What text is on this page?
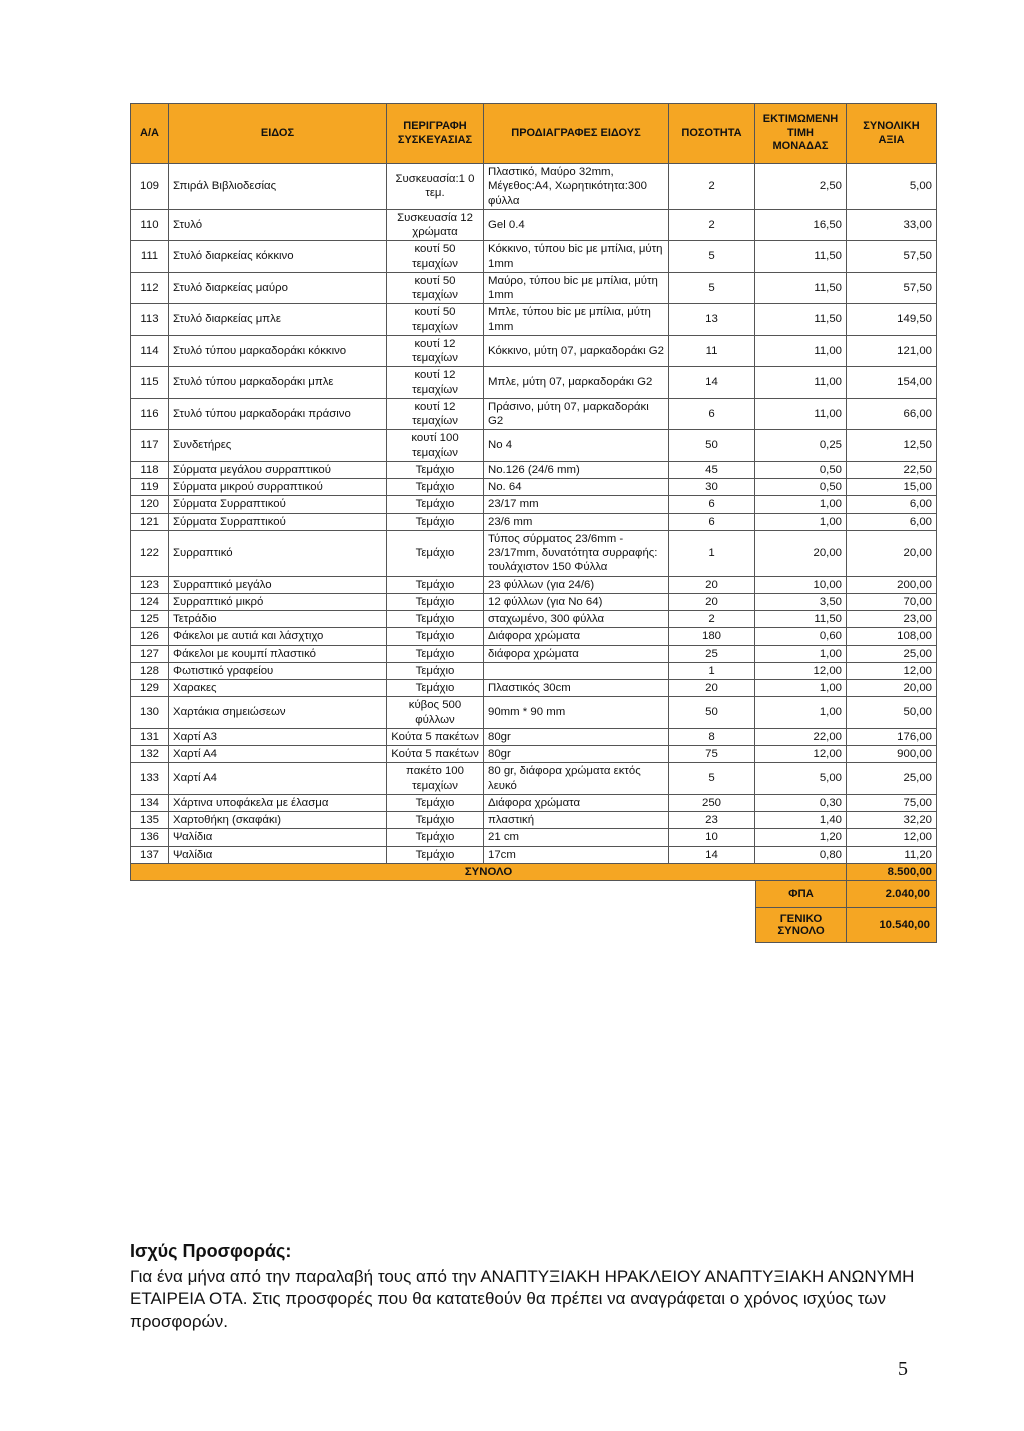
Α/Α	ΕΙΔΟΣ	ΠΕΡΙΓΡΑΦΗ ΣΥΣΚΕΥΑΣΙΑΣ	ΠΡΟΔΙΑΓΡΑΦΕΣ ΕΙΔΟΥΣ	ΠΟΣΟΤΗΤΑ	ΕΚΤΙΜΩΜΕΝΗ ΤΙΜΗ ΜΟΝΑΔΑΣ	ΣΥΝΟΛΙΚΗ ΑΞΙΑ
109	Σπιράλ Βιβλιοδεσίας	Συσκευασία:1 0 τεμ.	Πλαστικό, Μαύρο 32mm, Μέγεθος:Α4, Χωρητικότητα:300 φύλλα	2	2,50	5,00
110	Στυλό	Συσκευασία 12 χρώματα	Gel 0.4	2	16,50	33,00
111	Στυλό διαρκείας κόκκινο	κουτί 50 τεμαχίων	Κόκκινο, τύπου bic με μπίλια, μύτη 1mm	5	11,50	57,50
112	Στυλό διαρκείας μαύρο	κουτί 50 τεμαχίων	Μαύρο, τύπου bic με μπίλια, μύτη 1mm	5	11,50	57,50
113	Στυλό διαρκείας μπλε	κουτί 50 τεμαχίων	Μπλε, τύπου bic με μπίλια, μύτη 1mm	13	11,50	149,50
114	Στυλό τύπου μαρκαδοράκι κόκκινο	κουτί 12 τεμαχίων	Κόκκινο, μύτη 07, μαρκαδοράκι G2	11	11,00	121,00
115	Στυλό τύπου μαρκαδοράκι μπλε	κουτί 12 τεμαχίων	Μπλε, μύτη 07, μαρκαδοράκι G2	14	11,00	154,00
116	Στυλό τύπου μαρκαδοράκι πράσινο	κουτί 12 τεμαχίων	Πράσινο, μύτη 07, μαρκαδοράκι G2	6	11,00	66,00
117	Συνδετήρες	κουτί 100 τεμαχίων	Νο 4	50	0,25	12,50
118	Σύρματα μεγάλου συρραπτικού	Τεμάχιο	Νο.126 (24/6 mm)	45	0,50	22,50
119	Σύρματα μικρού συρραπτικού	Τεμάχιο	Νο. 64	30	0,50	15,00
120	Σύρματα Συρραπτικού	Τεμάχιο	23/17 mm	6	1,00	6,00
121	Σύρματα Συρραπτικού	Τεμάχιο	23/6 mm	6	1,00	6,00
122	Συρραπτικό	Τεμάχιο	Τύπος σύρματος 23/6mm - 23/17mm, δυνατότητα συρραφής: τουλάχιστον 150 Φύλλα	1	20,00	20,00
123	Συρραπτικό μεγάλο	Τεμάχιο	23 φύλλων (για 24/6)	20	10,00	200,00
124	Συρραπτικό μικρό	Τεμάχιο	12 φύλλων (για Νο 64)	20	3,50	70,00
125	Τετράδιο	Τεμάχιο	σταχωμένο, 300 φύλλα	2	11,50	23,00
126	Φάκελοι με αυτιά και λάσχτιχο	Τεμάχιο	Διάφορα χρώματα	180	0,60	108,00
127	Φάκελοι με κουμπί πλαστικό	Τεμάχιο	διάφορα χρώματα	25	1,00	25,00
128	Φωτιστικό γραφείου	Τεμάχιο		1	12,00	12,00
129	Χαρακες	Τεμάχιο	Πλαστικός 30cm	20	1,00	20,00
130	Χαρτάκια σημειώσεων	κύβος 500 φύλλων	90mm * 90 mm	50	1,00	50,00
131	Χαρτί Α3	Κούτα 5 πακέτων	80gr	8	22,00	176,00
132	Χαρτί Α4	Κούτα 5 πακέτων	80gr	75	12,00	900,00
133	Χαρτί Α4	πακέτο 100 τεμαχίων	80 gr, διάφορα χρώματα εκτός λευκό	5	5,00	25,00
134	Χάρτινα υποφάκελα με έλασμα	Τεμάχιο	Διάφορα χρώματα	250	0,30	75,00
135	Χαρτοθήκη (σκαφάκι)	Τεμάχιο	πλαστική	23	1,40	32,20
136	Ψαλίδια	Τεμάχιο	21 cm	10	1,20	12,00
137	Ψαλίδια	Τεμάχιο	17cm	14	0,80	11,20
ΣΥΝΟΛΟ						8.500,00
ΦΠΑ	2.040,00
ΓΕΝΙΚΟ ΣΥΝΟΛΟ	10.540,00
Ισχύς Προσφοράς:

Για ένα μήνα από την παραλαβή τους από την ΑΝΑΠΤΥΞΙΑΚΗ ΗΡΑΚΛΕΙΟΥ ΑΝΑΠΤΥΞΙΑΚΗ ΑΝΩΝΥΜΗ ΕΤΑΙΡΕΙΑ ΟΤΑ. Στις προσφορές που θα κατατεθούν θα πρέπει να αναγράφεται ο χρόνος ισχύος των προσφορών.

5
